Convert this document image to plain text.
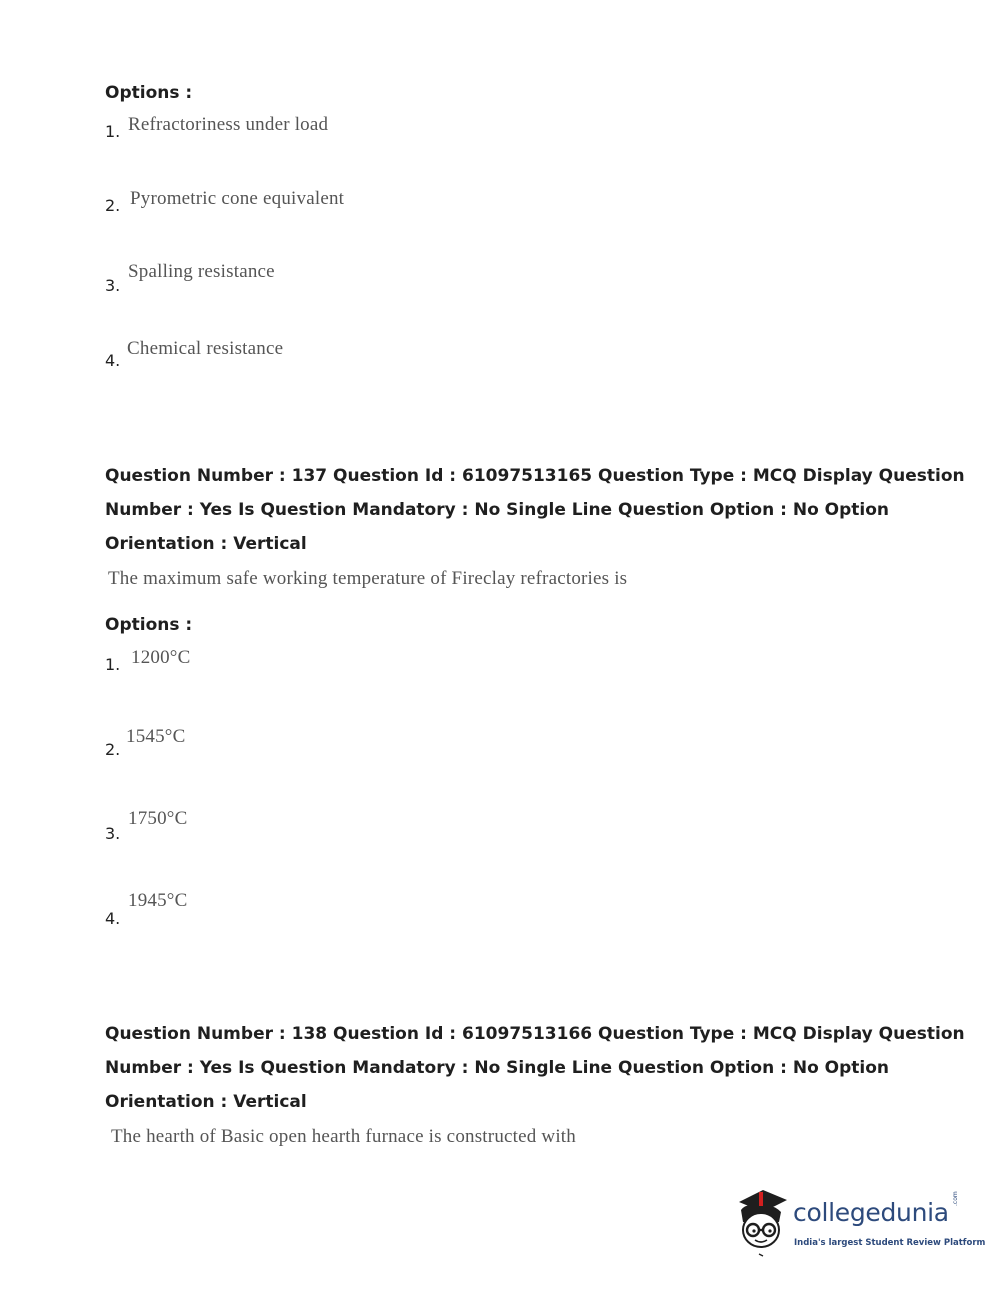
Options :
1. Refractoriness under load
2. Pyrometric cone equivalent
3.
Spalling resistance
4.
Chemical resistance
Question Number : 137 Question Id : 61097513165 Question Type : MCQ Display Question
Number : Yes Is Question Mandatory : No Single Line Question Option : No Option
Orientation : Vertical
The maximum safe working temperature of Fireclay refractories is
Options :
1. 1200°C
2.
1545°C
3.
1750°C
4.
1945°C
Question Number : 138 Question Id : 61097513166 Question Type : MCQ Display Question
Number : Yes Is Question Mandatory : No Single Line Question Option : No Option
Orientation : Vertical
The hearth of Basic open hearth furnace is constructed with
collegedunia .com
India's largest Student Review Platform
